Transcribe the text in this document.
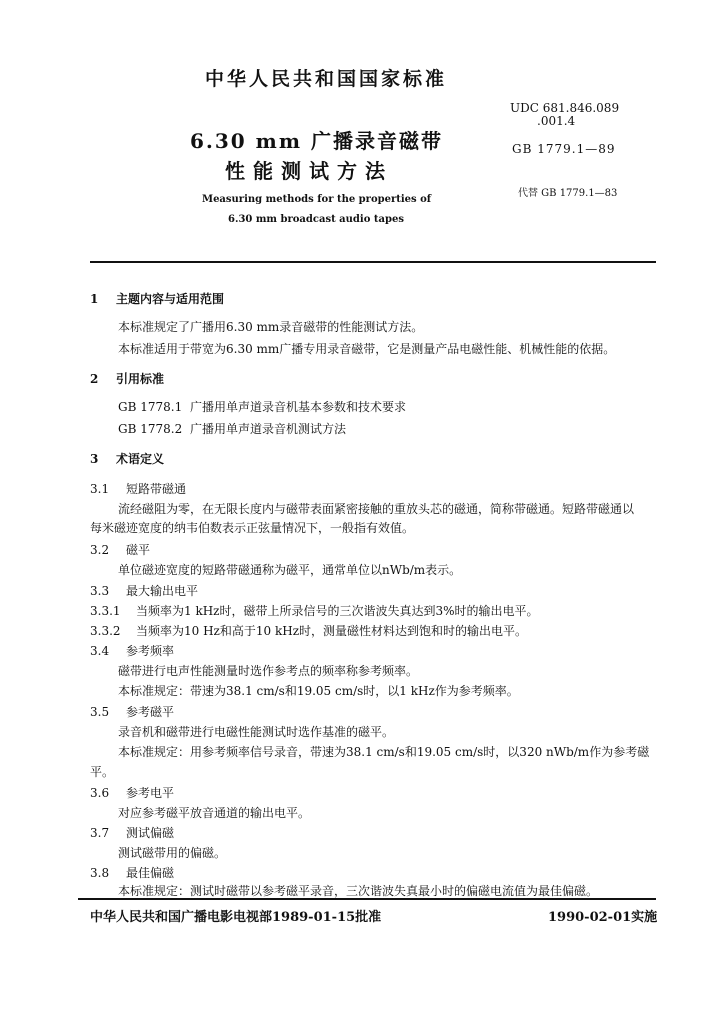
中华人民共和国国家标准
UDC 681.846.089
.001.4
GB 1779.1—89
代替 GB 1779.1—83
6.30 mm 广播录音磁带
性能测试方法
Measuring methods for the properties of
6.30 mm broadcast audio tapes
1 主题内容与适用范围
本标准规定了广播用6.30 mm录音磁带的性能测试方法。
本标准适用于带宽为6.30 mm广播专用录音磁带，它是测量产品电磁性能、机械性能的依据。
2 引用标准
GB 1778.1 广播用单声道录音机基本参数和技术要求
GB 1778.2 广播用单声道录音机测试方法
3 术语定义
3.1 短路带磁通
流经磁阻为零，在无限长度内与磁带表面紧密接触的重放头芯的磁通，简称带磁通。短路带磁通以
每米磁迹宽度的纳韦伯数表示正弦量情况下，一般指有效值。
3.2 磁平
单位磁迹宽度的短路带磁通称为磁平，通常单位以nWb/m表示。
3.3 最大输出电平
3.3.1 当频率为1 kHz时，磁带上所录信号的三次谐波失真达到3%时的输出电平。
3.3.2 当频率为10 Hz和高于10 kHz时，测量磁性材料达到饱和时的输出电平。
3.4 参考频率
磁带进行电声性能测量时选作参考点的频率称参考频率。
本标准规定：带速为38.1 cm/s和19.05 cm/s时，以1 kHz作为参考频率。
3.5 参考磁平
录音机和磁带进行电磁性能测试时选作基准的磁平。
本标准规定：用参考频率信号录音，带速为38.1 cm/s和19.05 cm/s时，以320 nWb/m作为参考磁
平。
3.6 参考电平
对应参考磁平放音通道的输出电平。
3.7 测试偏磁
测试磁带用的偏磁。
3.8 最佳偏磁
本标准规定：测试时磁带以参考磁平录音，三次谐波失真最小时的偏磁电流值为最佳偏磁。
中华人民共和国广播电影电视部1989-01-15批准	1990-02-01实施
